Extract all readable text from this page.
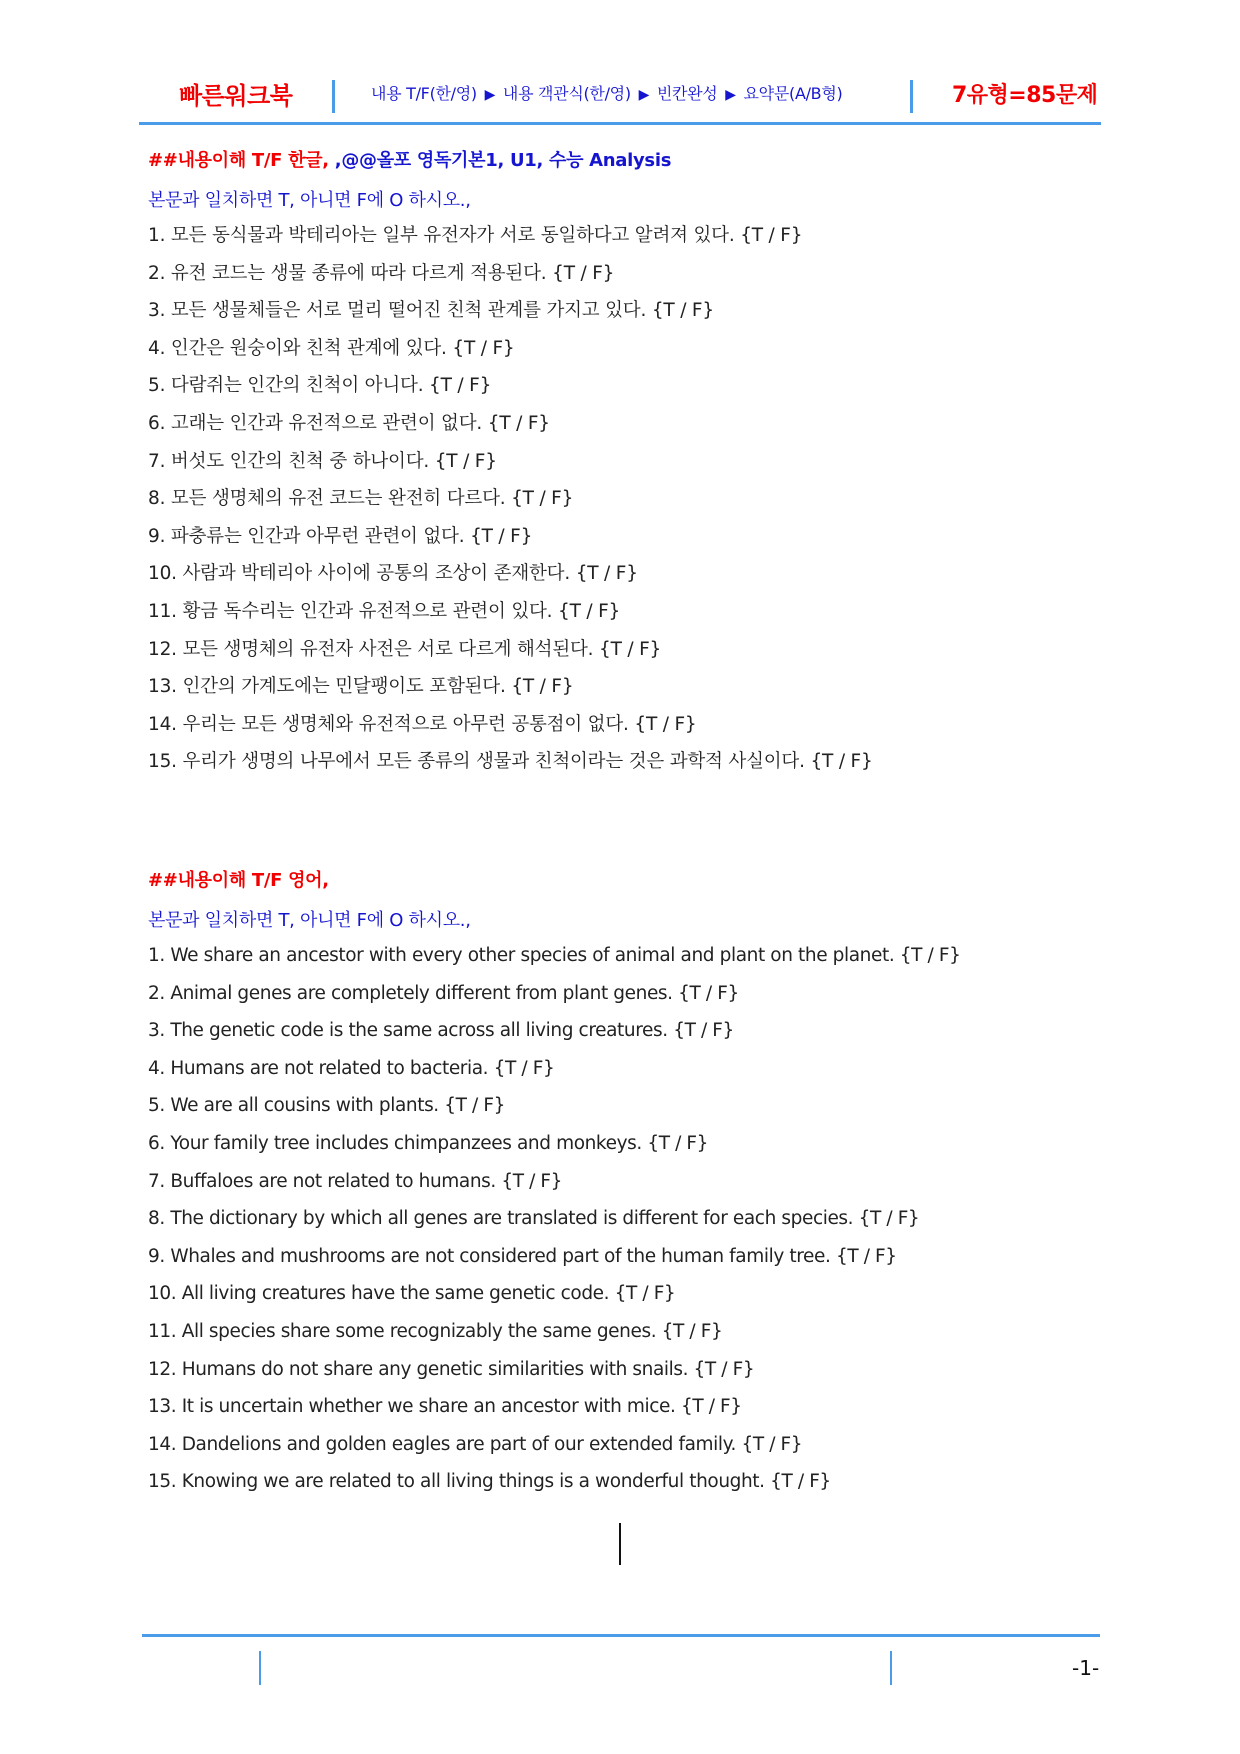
빠른워크북	내용 T/F(한/영) ▶ 내용 객관식(한/영) ▶ 빈칸완성 ▶ 요약문(A/B형)	7유형=85문제
##내용이해 T/F 한글, ,@@올포 영독기본1, U1, 수능 Analysis
본문과 일치하면 T, 아니면 F에 O 하시오.,
1. 모든 동식물과 박테리아는 일부 유전자가 서로 동일하다고 알려져 있다. {T / F}
2. 유전 코드는 생물 종류에 따라 다르게 적용된다. {T / F}
3. 모든 생물체들은 서로 멀리 떨어진 친척 관계를 가지고 있다. {T / F}
4. 인간은 원숭이와 친척 관계에 있다. {T / F}
5. 다람쥐는 인간의 친척이 아니다. {T / F}
6. 고래는 인간과 유전적으로 관련이 없다. {T / F}
7. 버섯도 인간의 친척 중 하나이다. {T / F}
8. 모든 생명체의 유전 코드는 완전히 다르다. {T / F}
9. 파충류는 인간과 아무런 관련이 없다. {T / F}
10. 사람과 박테리아 사이에 공통의 조상이 존재한다. {T / F}
11. 황금 독수리는 인간과 유전적으로 관련이 있다. {T / F}
12. 모든 생명체의 유전자 사전은 서로 다르게 해석된다. {T / F}
13. 인간의 가계도에는 민달팽이도 포함된다. {T / F}
14. 우리는 모든 생명체와 유전적으로 아무런 공통점이 없다. {T / F}
15. 우리가 생명의 나무에서 모든 종류의 생물과 친척이라는 것은 과학적 사실이다. {T / F}
##내용이해 T/F 영어,
본문과 일치하면 T, 아니면 F에 O 하시오.,
1. We share an ancestor with every other species of animal and plant on the planet. {T / F}
2. Animal genes are completely different from plant genes. {T / F}
3. The genetic code is the same across all living creatures. {T / F}
4. Humans are not related to bacteria. {T / F}
5. We are all cousins with plants. {T / F}
6. Your family tree includes chimpanzees and monkeys. {T / F}
7. Buffaloes are not related to humans. {T / F}
8. The dictionary by which all genes are translated is different for each species. {T / F}
9. Whales and mushrooms are not considered part of the human family tree. {T / F}
10. All living creatures have the same genetic code. {T / F}
11. All species share some recognizably the same genes. {T / F}
12. Humans do not share any genetic similarities with snails. {T / F}
13. It is uncertain whether we share an ancestor with mice. {T / F}
14. Dandelions and golden eagles are part of our extended family. {T / F}
15. Knowing we are related to all living things is a wonderful thought. {T / F}
-1-
